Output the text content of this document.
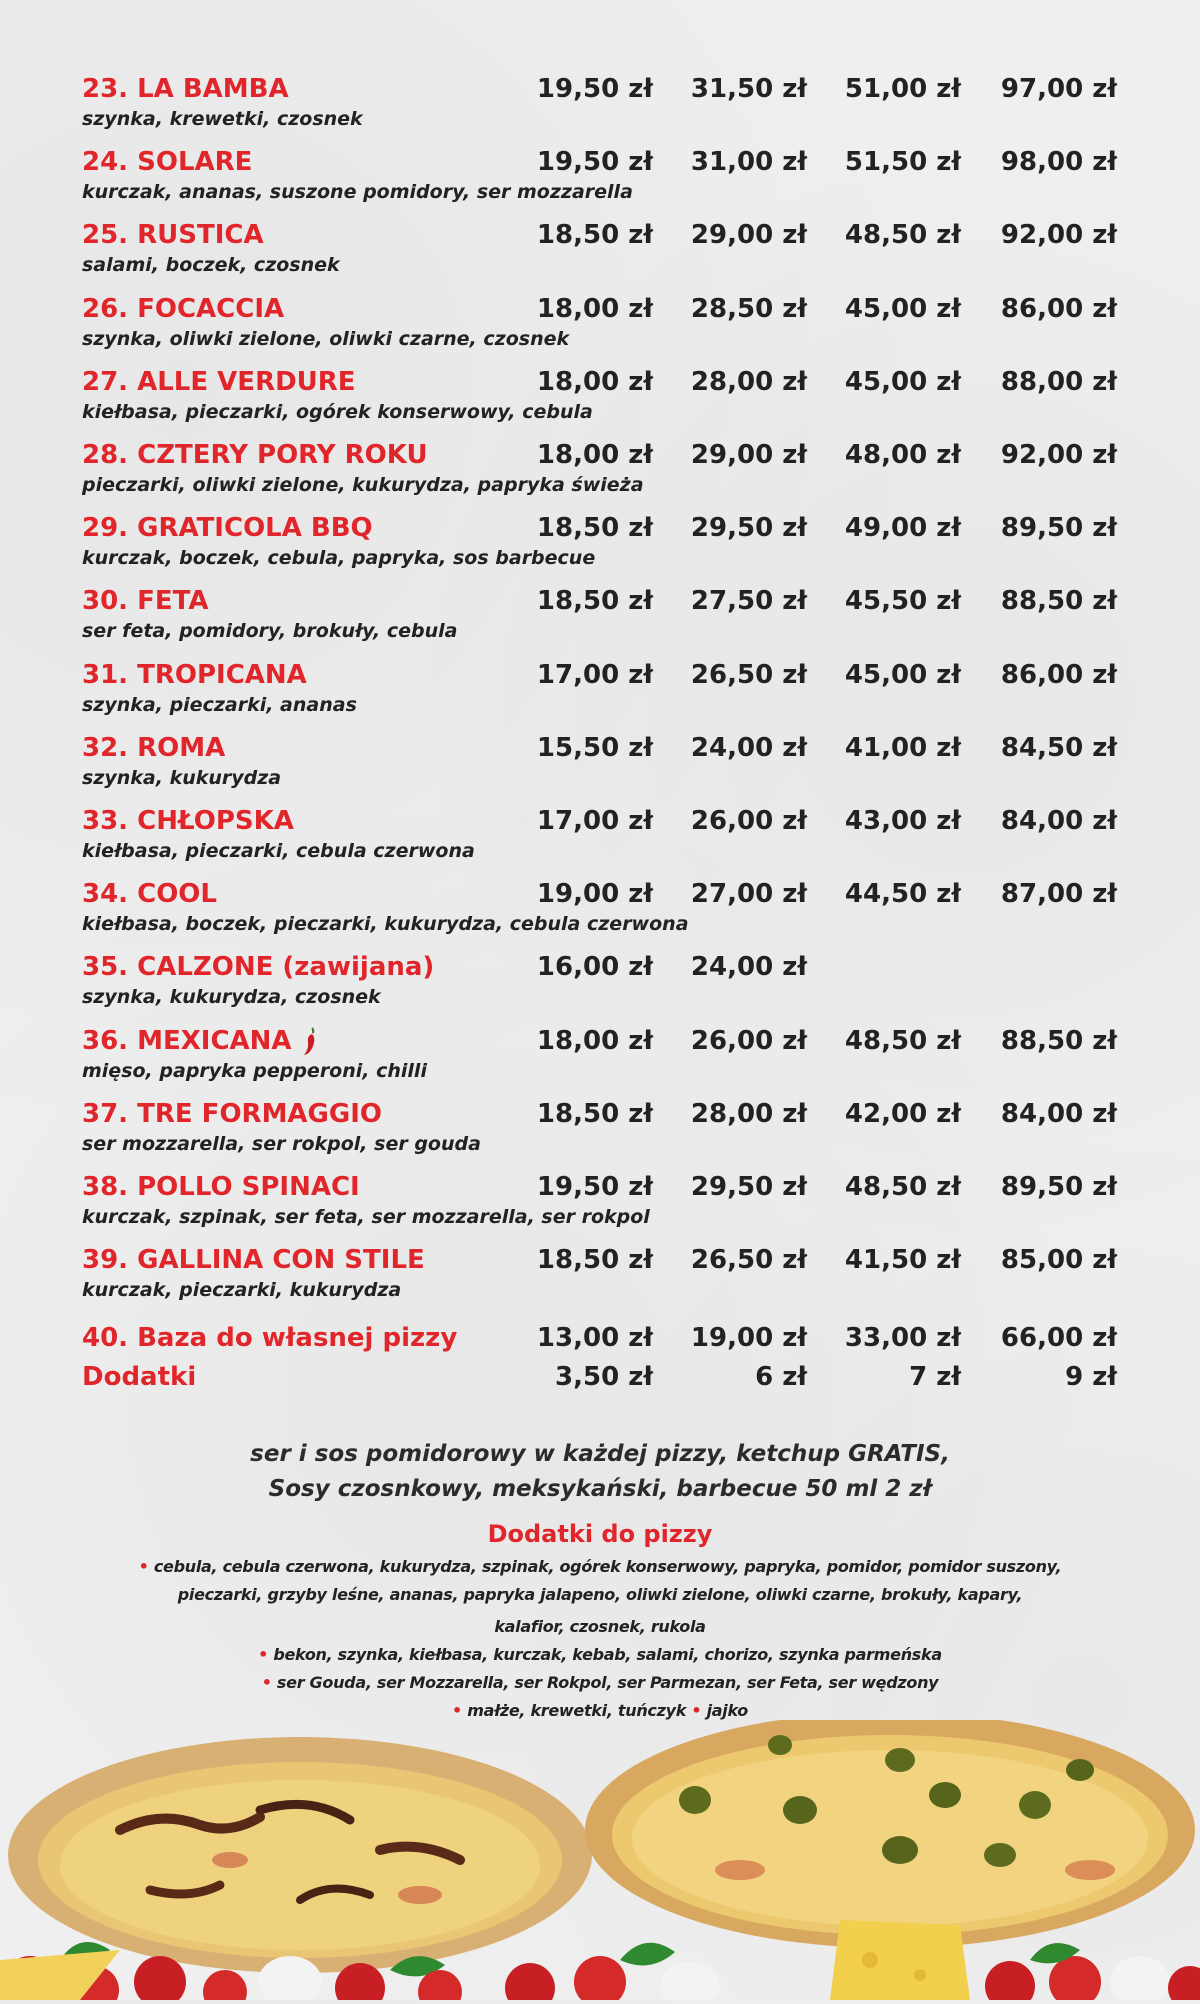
23. LA BAMBA	19,50 zł	31,50 zł	51,00 zł	97,00 zł
szynka, krewetki, czosnek
24. SOLARE	19,50 zł	31,00 zł	51,50 zł	98,00 zł
kurczak, ananas, suszone pomidory, ser mozzarella
25. RUSTICA	18,50 zł	29,00 zł	48,50 zł	92,00 zł
salami, boczek, czosnek
26. FOCACCIA	18,00 zł	28,50 zł	45,00 zł	86,00 zł
szynka, oliwki zielone, oliwki czarne, czosnek
27. ALLE VERDURE	18,00 zł	28,00 zł	45,00 zł	88,00 zł
kiełbasa, pieczarki, ogórek konserwowy, cebula
28. CZTERY PORY ROKU	18,00 zł	29,00 zł	48,00 zł	92,00 zł
pieczarki, oliwki zielone, kukurydza, papryka świeża
29. GRATICOLA BBQ	18,50 zł	29,50 zł	49,00 zł	89,50 zł
kurczak, boczek, cebula, papryka, sos barbecue
30. FETA	18,50 zł	27,50 zł	45,50 zł	88,50 zł
ser feta, pomidory, brokuły, cebula
31. TROPICANA	17,00 zł	26,50 zł	45,00 zł	86,00 zł
szynka, pieczarki, ananas
32. ROMA	15,50 zł	24,00 zł	41,00 zł	84,50 zł
szynka, kukurydza
33. CHŁOPSKA	17,00 zł	26,00 zł	43,00 zł	84,00 zł
kiełbasa, pieczarki, cebula czerwona
34. COOL	19,00 zł	27,00 zł	44,50 zł	87,00 zł
kiełbasa, boczek, pieczarki, kukurydza, cebula czerwona
35. CALZONE (zawijana)	16,00 zł	24,00 zł
szynka, kukurydza, czosnek
36. MEXICANA	18,00 zł	26,00 zł	48,50 zł	88,50 zł
mięso, papryka pepperoni, chilli
37. TRE FORMAGGIO	18,50 zł	28,00 zł	42,00 zł	84,00 zł
ser mozzarella, ser rokpol, ser gouda
38. POLLO SPINACI	19,50 zł	29,50 zł	48,50 zł	89,50 zł
kurczak, szpinak, ser feta, ser mozzarella, ser rokpol
39. GALLINA CON STILE	18,50 zł	26,50 zł	41,50 zł	85,00 zł
kurczak, pieczarki, kukurydza
40. Baza do własnej pizzy	13,00 zł	19,00 zł	33,00 zł	66,00 zł
Dodatki	3,50 zł	6 zł	7 zł	9 zł
ser i sos pomidorowy w każdej pizzy, ketchup GRATIS,
Sosy czosnkowy, meksykański, barbecue 50 ml 2 zł
Dodatki do pizzy
• cebula, cebula czerwona, kukurydza, szpinak, ogórek konserwowy, papryka, pomidor, pomidor suszony,
pieczarki, grzyby leśne, ananas, papryka jalapeno, oliwki zielone, oliwki czarne, brokuły, kapary,
kalafior, czosnek, rukola
• bekon, szynka, kiełbasa, kurczak, kebab, salami, chorizo, szynka parmeńska
• ser Gouda, ser Mozzarella, ser Rokpol, ser Parmezan, ser Feta, ser wędzony
• małże, krewetki, tuńczyk • jajko
